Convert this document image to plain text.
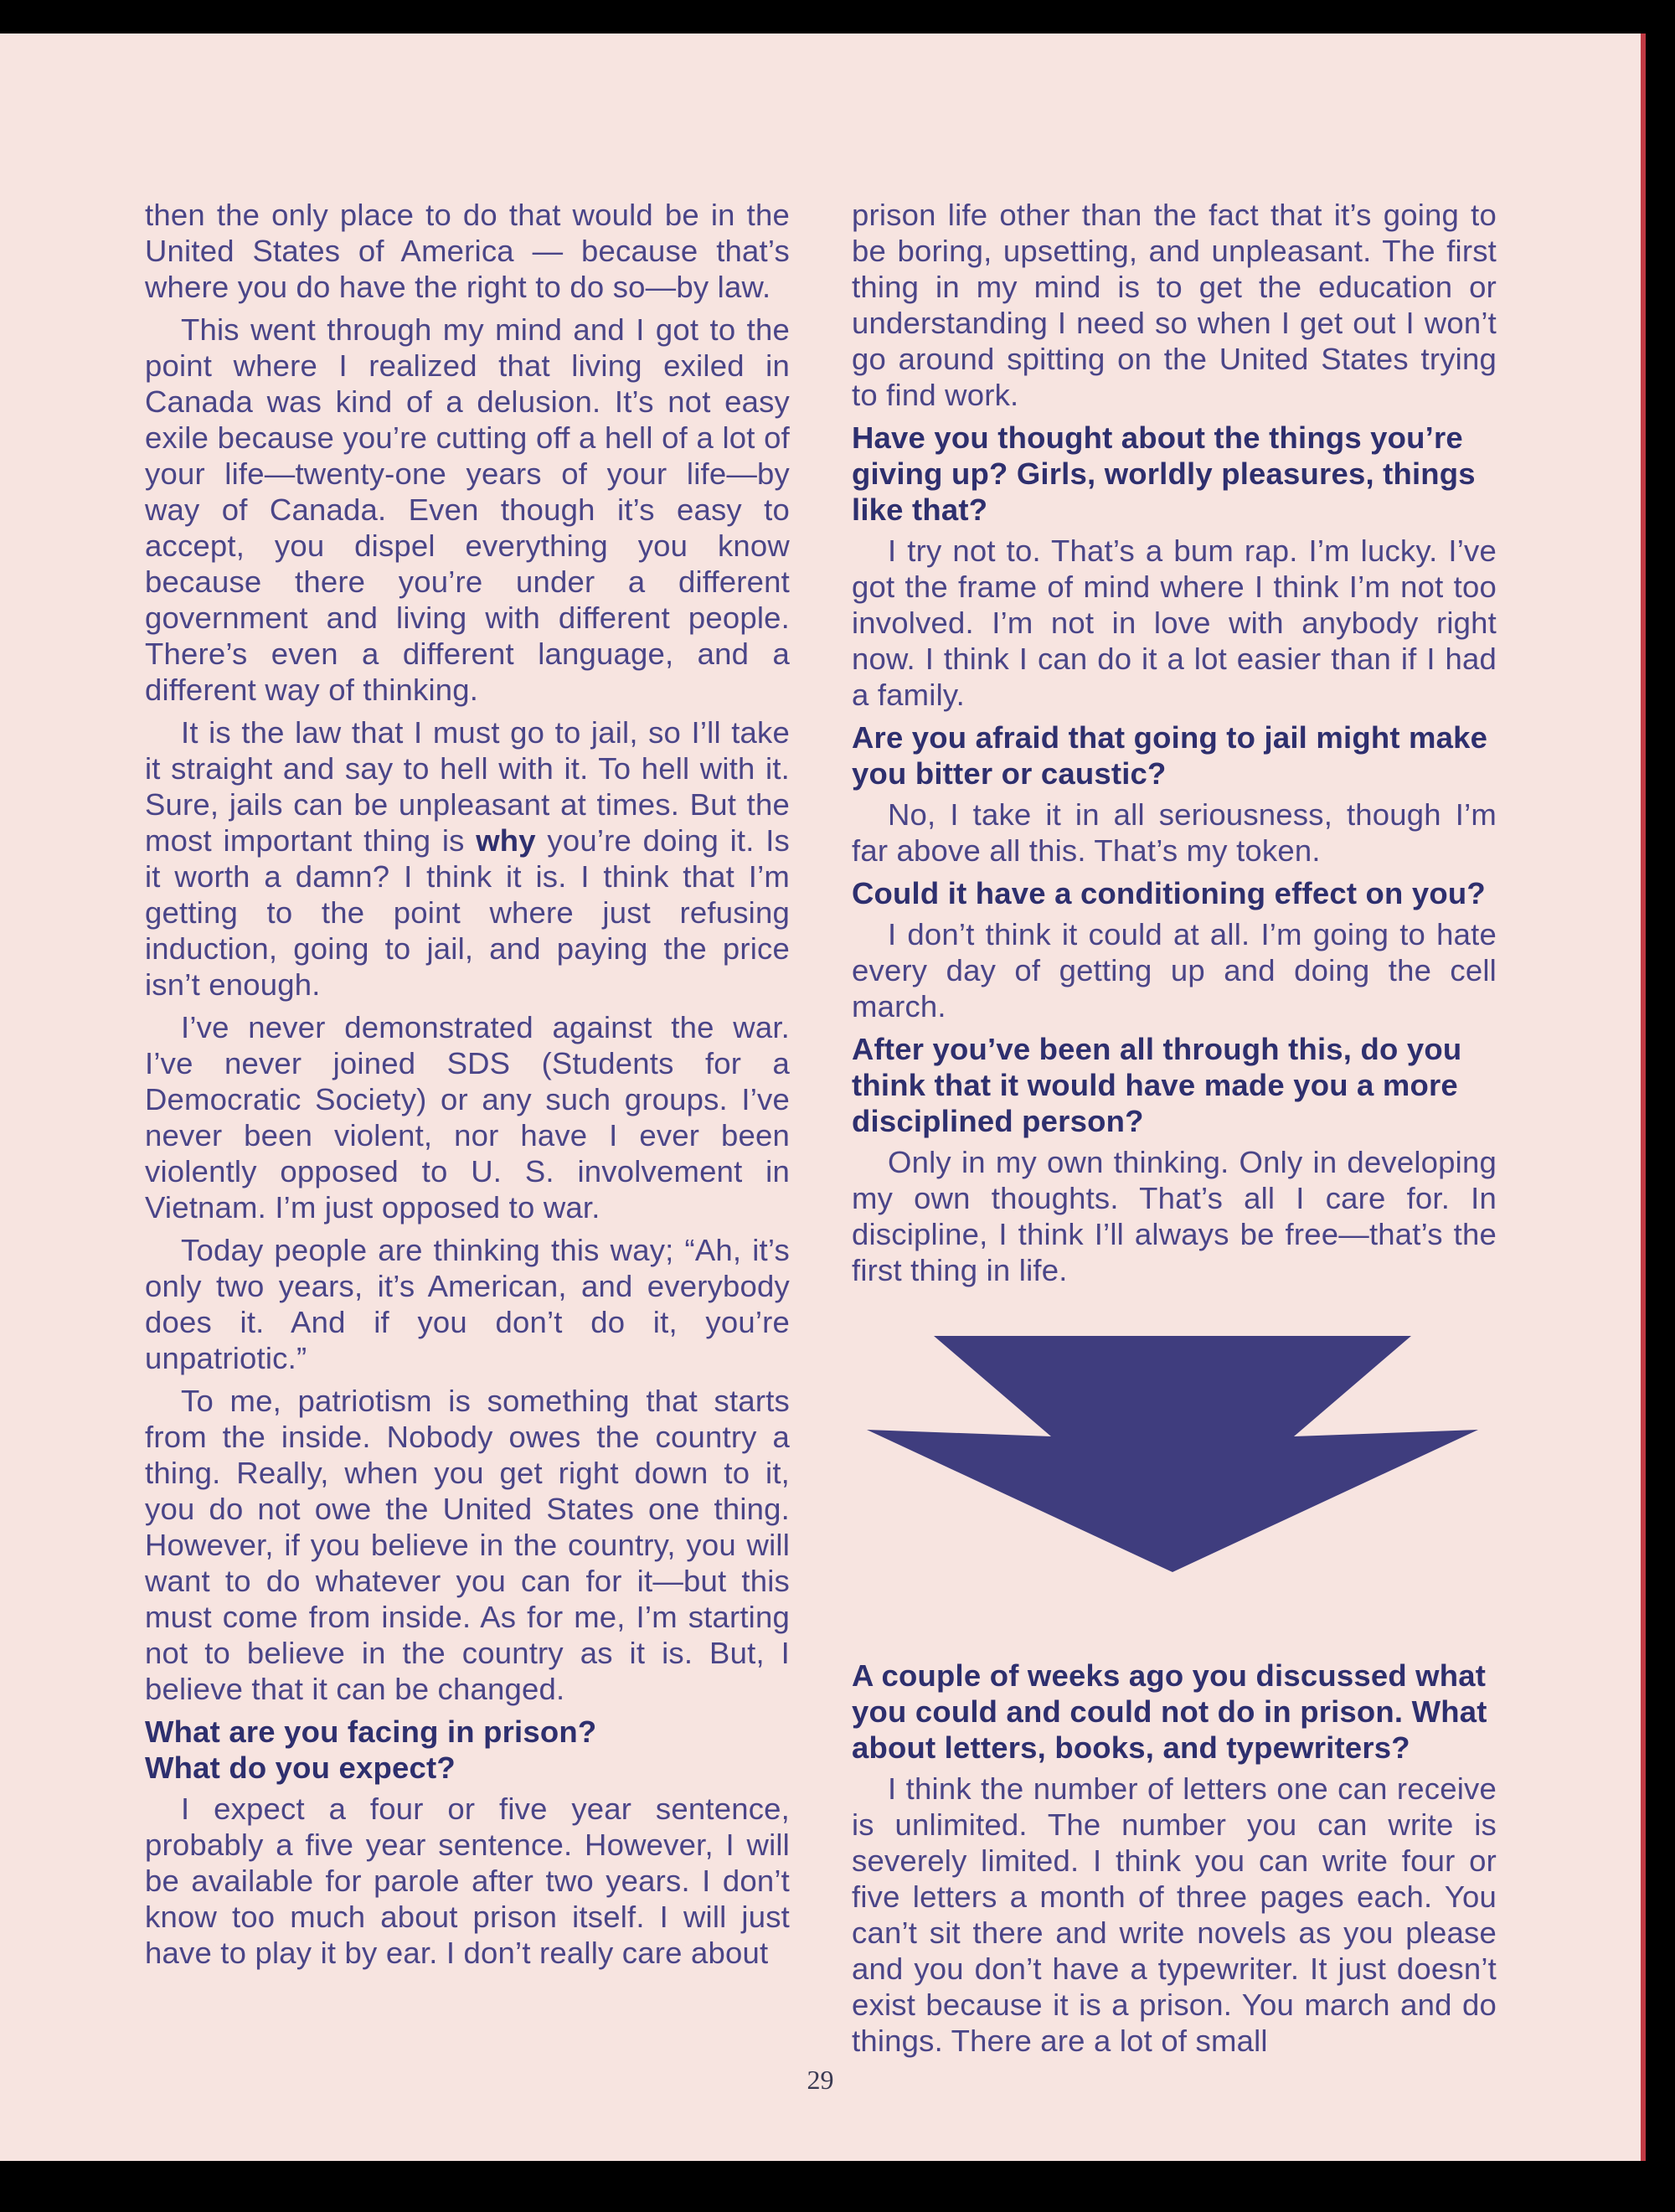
then the only place to do that would be in the United States of America — because that’s where you do have the right to do so—by law.

This went through my mind and I got to the point where I realized that living exiled in Canada was kind of a delusion. It’s not easy exile because you’re cutting off a hell of a lot of your life—twenty-one years of your life—by way of Canada. Even though it’s easy to accept, you dispel everything you know because there you’re under a different government and living with different people. There’s even a different language, and a different way of thinking.

It is the law that I must go to jail, so I’ll take it straight and say to hell with it. To hell with it. Sure, jails can be unpleasant at times. But the most important thing is why you’re doing it. Is it worth a damn? I think it is. I think that I’m getting to the point where just refusing induction, going to jail, and paying the price isn’t enough.

I’ve never demonstrated against the war. I’ve never joined SDS (Students for a Democratic Society) or any such groups. I’ve never been violent, nor have I ever been violently opposed to U. S. involvement in Vietnam. I’m just opposed to war.

Today people are thinking this way; “Ah, it’s only two years, it’s American, and everybody does it. And if you don’t do it, you’re unpatriotic.”

To me, patriotism is something that starts from the inside. Nobody owes the country a thing. Really, when you get right down to it, you do not owe the United States one thing. However, if you believe in the country, you will want to do whatever you can for it—but this must come from inside. As for me, I’m starting not to believe in the country as it is. But, I believe that it can be changed.

What are you facing in prison?
What do you expect?

I expect a four or five year sentence, probably a five year sentence. However, I will be available for parole after two years. I don’t know too much about prison itself. I will just have to play it by ear. I don’t really care about

prison life other than the fact that it’s going to be boring, upsetting, and unpleasant. The first thing in my mind is to get the education or understanding I need so when I get out I won’t go around spitting on the United States trying to find work.

Have you thought about the things you’re giving up? Girls, worldly pleasures, things like that?

I try not to. That’s a bum rap. I’m lucky. I’ve got the frame of mind where I think I’m not too involved. I’m not in love with anybody right now. I think I can do it a lot easier than if I had a family.

Are you afraid that going to jail might make you bitter or caustic?

No, I take it in all seriousness, though I’m far above all this. That’s my token.

Could it have a conditioning effect on you?

I don’t think it could at all. I’m going to hate every day of getting up and doing the cell march.

After you’ve been all through this, do you think that it would have made you a more disciplined person?

Only in my own thinking. Only in developing my own thoughts. That’s all I care for. In discipline, I think I’ll always be free—that’s the first thing in life.

A couple of weeks ago you discussed what you could and could not do in prison. What about letters, books, and typewriters?

I think the number of letters one can receive is unlimited. The number you can write is severely limited. I think you can write four or five letters a month of three pages each. You can’t sit there and write novels as you please and you don’t have a typewriter. It just doesn’t exist because it is a prison. You march and do things. There are a lot of small

29
